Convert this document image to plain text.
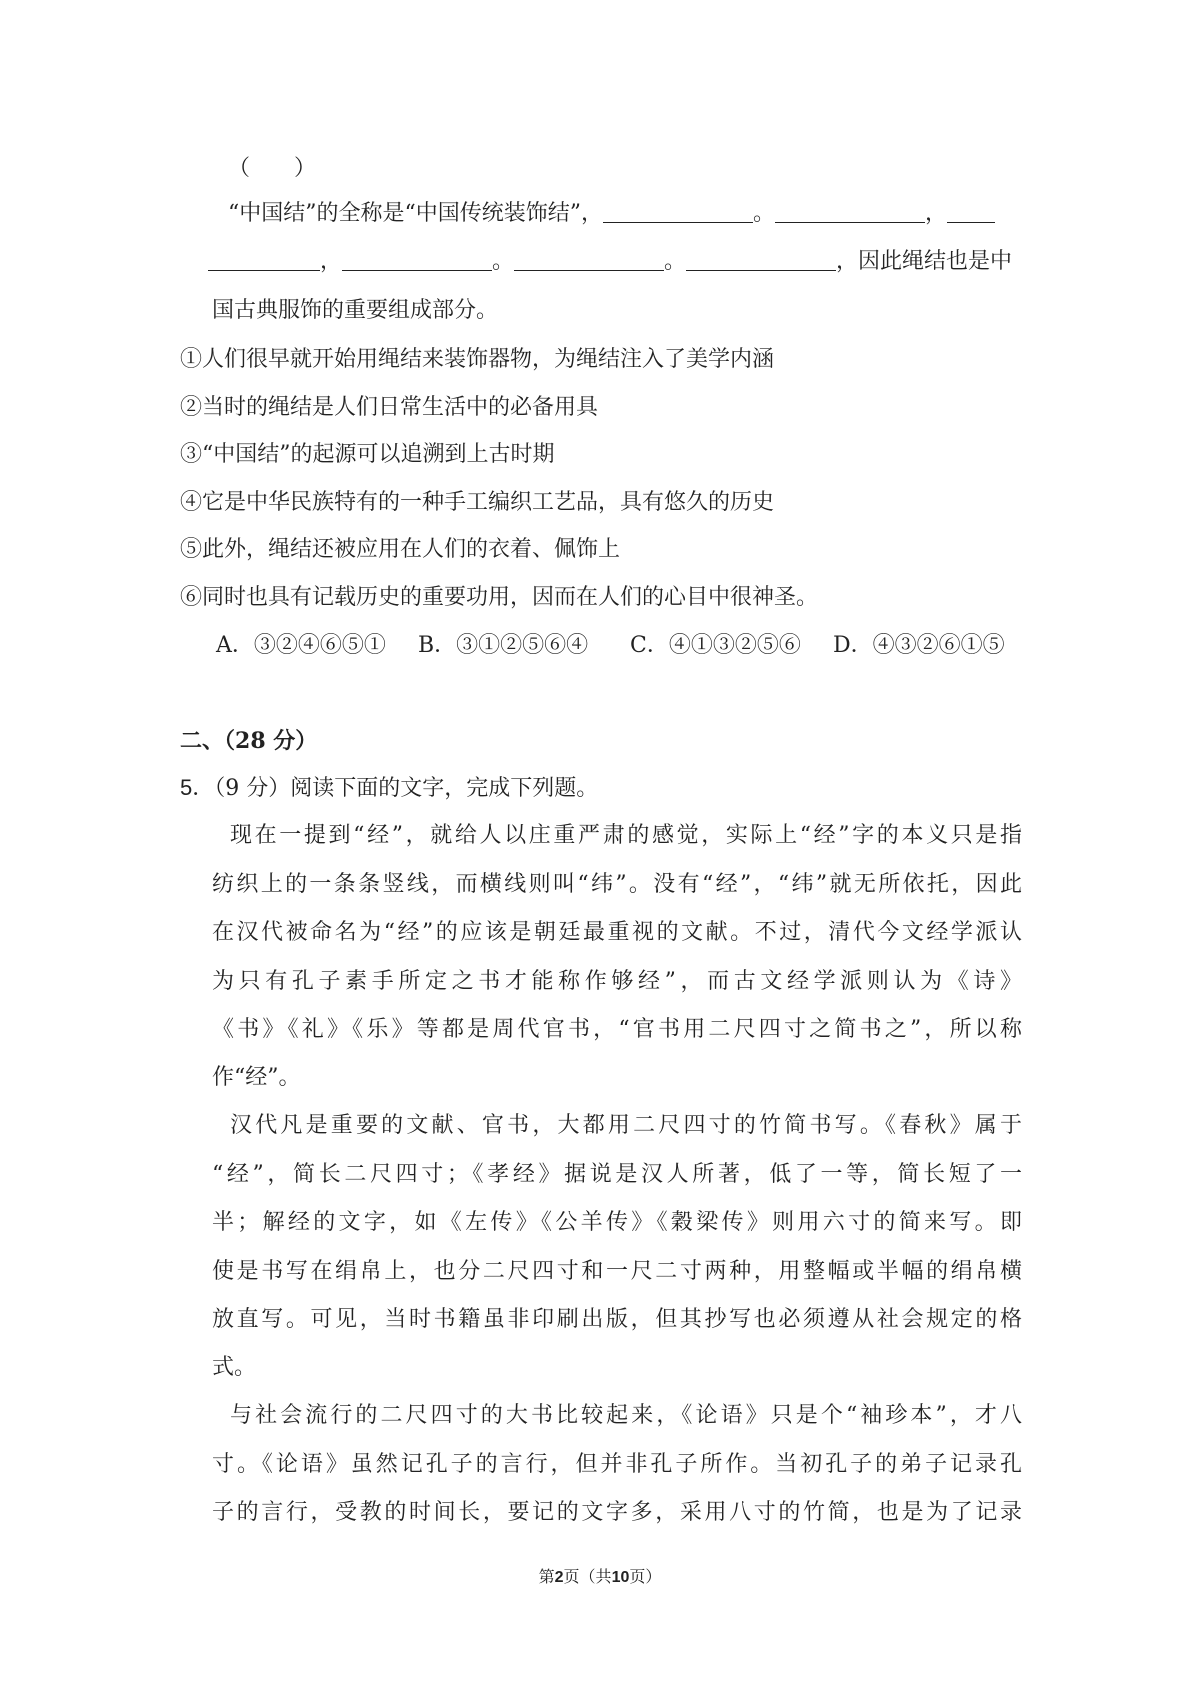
（　　）
“中国结”的全称是“中国传统装饰结”，	。	，
，	。	。	，因此绳结也是中
国古典服饰的重要组成部分。
①人们很早就开始用绳结来装饰器物，为绳结注入了美学内涵
②当时的绳结是人们日常生活中的必备用具
③“中国结”的起源可以追溯到上古时期
④它是中华民族特有的一种手工编织工艺品，具有悠久的历史
⑤此外，绳结还被应用在人们的衣着、佩饰上
⑥同时也具有记载历史的重要功用，因而在人们的心目中很神圣。
A．③②④⑥⑤① B．③①②⑤⑥④ C．④①③②⑤⑥ D．④③②⑥①⑤
二、（28 分）
5．（9 分）阅读下面的文字，完成下列题。
现在一提到“经”，就给人以庄重严肃的感觉，实际上“经”字的本义只是指
纺织上的一条条竖线，而横线则叫“纬”。没有“经”，“纬”就无所依托，因此
在汉代被命名为“经”的应该是朝廷最重视的文献。不过，清代今文经学派认
为只有孔子素手所定之书才能称作够经”，而古文经学派则认为《诗》
《书》《礼》《乐》等都是周代官书，“官书用二尺四寸之简书之”，所以称
作“经”。
汉代凡是重要的文献、官书，大都用二尺四寸的竹简书写。《春秋》属于
“经”，简长二尺四寸；《孝经》据说是汉人所著，低了一等，简长短了一
半；解经的文字，如《左传》《公羊传》《穀梁传》则用六寸的简来写。即
使是书写在绢帛上，也分二尺四寸和一尺二寸两种，用整幅或半幅的绢帛横
放直写。可见，当时书籍虽非印刷出版，但其抄写也必须遵从社会规定的格
式。
与社会流行的二尺四寸的大书比较起来，《论语》只是个“袖珍本”，才八
寸。《论语》虽然记孔子的言行，但并非孔子所作。当初孔子的弟子记录孔
子的言行，受教的时间长，要记的文字多，采用八寸的竹简，也是为了记录
第2页（共10页）
